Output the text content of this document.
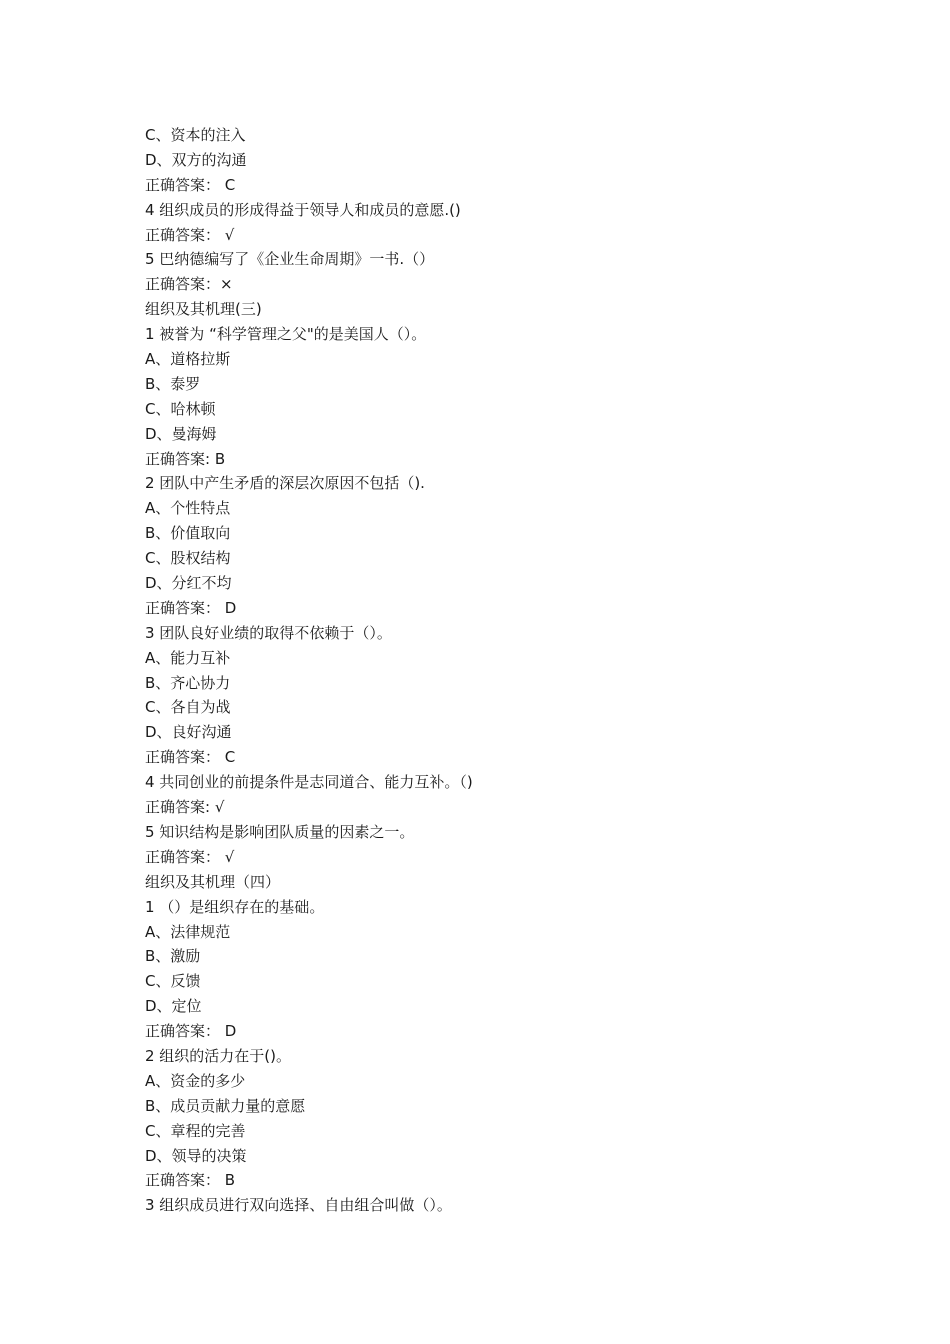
C、资本的注入
D、双方的沟通
正确答案： C
4 组织成员的形成得益于领导人和成员的意愿.()
正确答案： √
5 巴纳德编写了《企业生命周期》一书.（）
正确答案：×
组织及其机理(三)
1 被誉为 “科学管理之父"的是美国人（）。
A、道格拉斯
B、泰罗
C、哈林顿
D、曼海姆
正确答案: B
2 团队中产生矛盾的深层次原因不包括（).
A、个性特点
B、价值取向
C、股权结构
D、分红不均
正确答案： D
3 团队良好业绩的取得不依赖于（）。
A、能力互补
B、齐心协力
C、各自为战
D、良好沟通
正确答案： C
4 共同创业的前提条件是志同道合、能力互补。（)
正确答案: √
5 知识结构是影响团队质量的因素之一。
正确答案： √
组织及其机理（四）
1 （）是组织存在的基础。
A、法律规范
B、激励
C、反馈
D、定位
正确答案： D
2 组织的活力在于()。
A、资金的多少
B、成员贡献力量的意愿
C、章程的完善
D、领导的决策
正确答案： B
3 组织成员进行双向选择、自由组合叫做（）。
